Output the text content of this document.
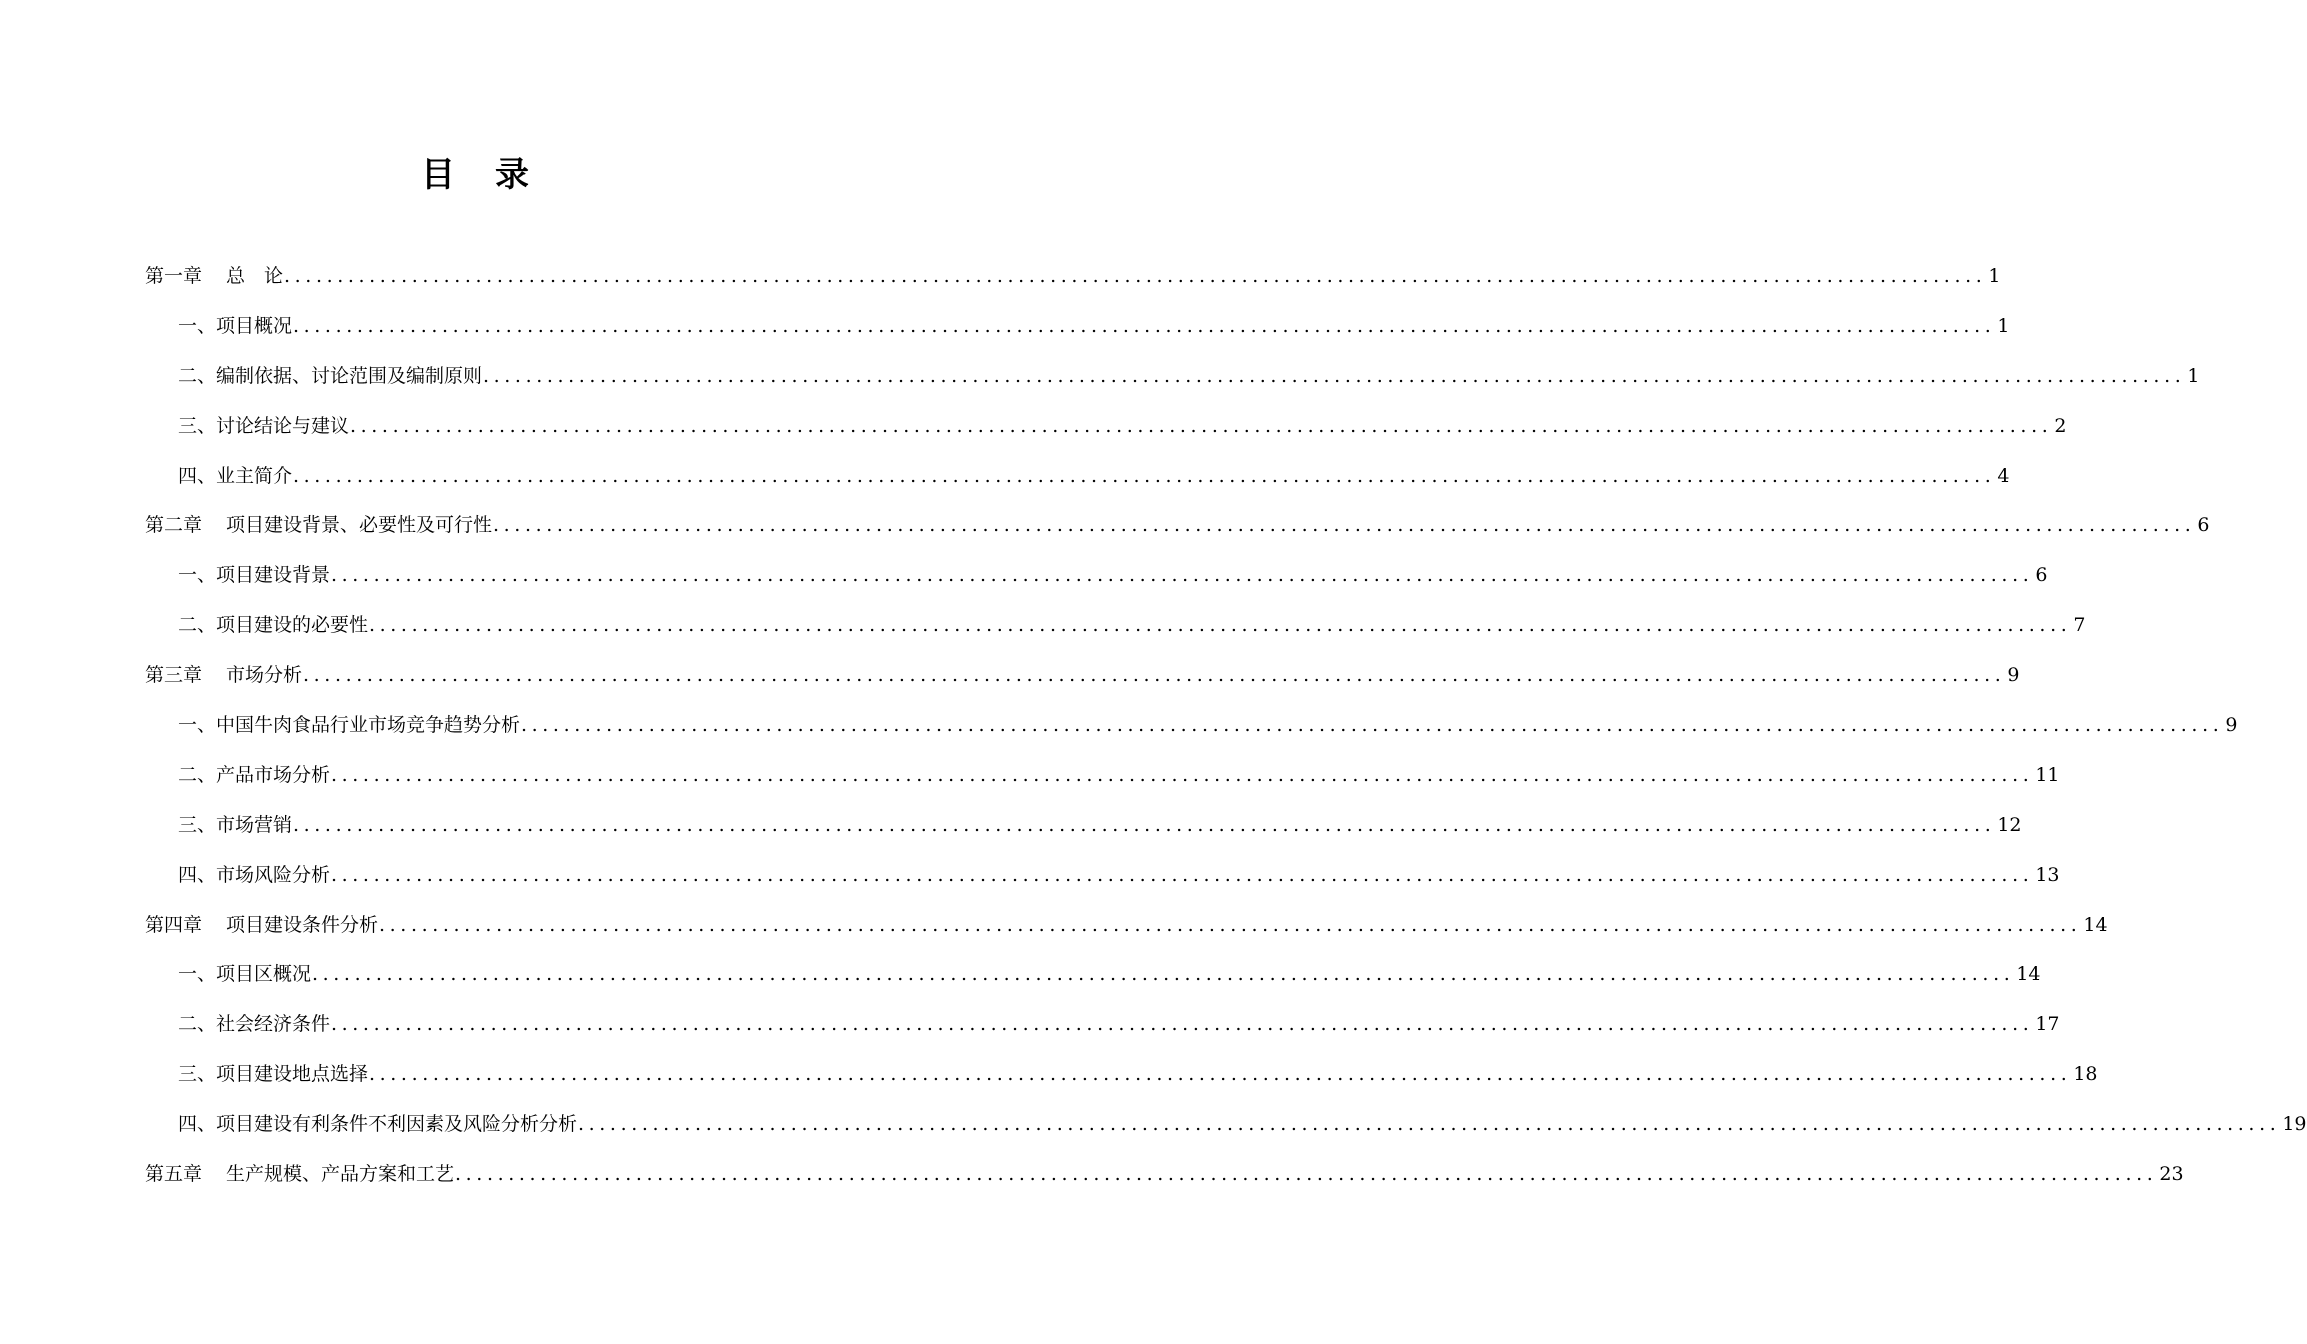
目录
第一章 总　论 ................................................................................................................................................................ 1
一、项目概况 ................................................................................................................................................................ 1
二、编制依据、讨论范围及编制原则 ................................................................................................................................................................ 1
三、讨论结论与建议 ................................................................................................................................................................ 2
四、业主简介 ................................................................................................................................................................ 4
第二章 项目建设背景、必要性及可行性 ................................................................................................................................................................ 6
一、项目建设背景 ................................................................................................................................................................ 6
二、项目建设的必要性 ................................................................................................................................................................ 7
第三章 市场分析 ................................................................................................................................................................ 9
一、中国牛肉食品行业市场竞争趋势分析 ................................................................................................................................................................ 9
二、产品市场分析 ................................................................................................................................................................ 11
三、市场营销 ................................................................................................................................................................ 12
四、市场风险分析 ................................................................................................................................................................ 13
第四章 项目建设条件分析 ................................................................................................................................................................ 14
一、项目区概况 ................................................................................................................................................................ 14
二、社会经济条件 ................................................................................................................................................................ 17
三、项目建设地点选择 ................................................................................................................................................................ 18
四、项目建设有利条件不利因素及风险分析分析 ................................................................................................................................................................ 19
第五章 生产规模、产品方案和工艺 ................................................................................................................................................................ 23
